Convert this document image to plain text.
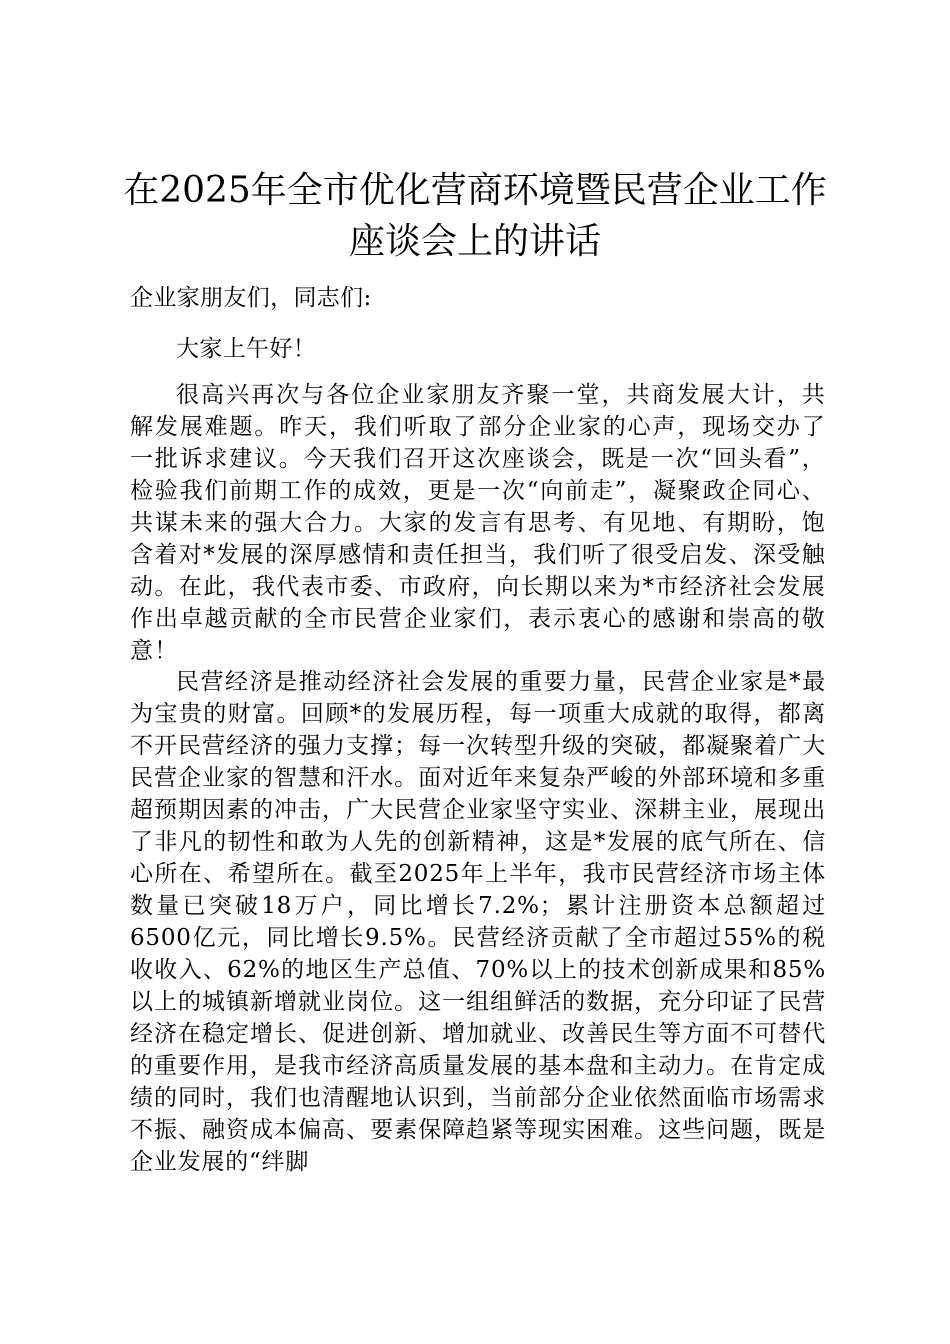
在2025年全市优化营商环境暨民营企业工作
座谈会上的讲话

企业家朋友们，同志们:

大家上午好！

很高兴再次与各位企业家朋友齐聚一堂，共商发展大计，共解发展难题。昨天，我们听取了部分企业家的心声，现场交办了一批诉求建议。今天我们召开这次座谈会，既是一次“回头看”，检验我们前期工作的成效，更是一次“向前走”，凝聚政企同心、共谋未来的强大合力。大家的发言有思考、有见地、有期盼，饱含着对*发展的深厚感情和责任担当，我们听了很受启发、深受触动。在此，我代表市委、市政府，向长期以来为*市经济社会发展作出卓越贡献的全市民营企业家们，表示衷心的感谢和崇高的敬意！

民营经济是推动经济社会发展的重要力量，民营企业家是*最为宝贵的财富。回顾*的发展历程，每一项重大成就的取得，都离不开民营经济的强力支撑；每一次转型升级的突破，都凝聚着广大民营企业家的智慧和汗水。面对近年来复杂严峻的外部环境和多重超预期因素的冲击，广大民营企业家坚守实业、深耕主业，展现出了非凡的韧性和敢为人先的创新精神，这是*发展的底气所在、信心所在、希望所在。截至2025年上半年，我市民营经济市场主体数量已突破18万户，同比增长7.2%；累计注册资本总额超过6500亿元，同比增长9.5%。民营经济贡献了全市超过55%的税收收入、62%的地区生产总值、70%以上的技术创新成果和85%以上的城镇新增就业岗位。这一组组鲜活的数据，充分印证了民营经济在稳定增长、促进创新、增加就业、改善民生等方面不可替代的重要作用，是我市经济高质量发展的基本盘和主动力。在肯定成绩的同时，我们也清醒地认识到，当前部分企业依然面临市场需求不振、融资成本偏高、要素保障趋紧等现实困难。这些问题，既是企业发展的“绊脚
